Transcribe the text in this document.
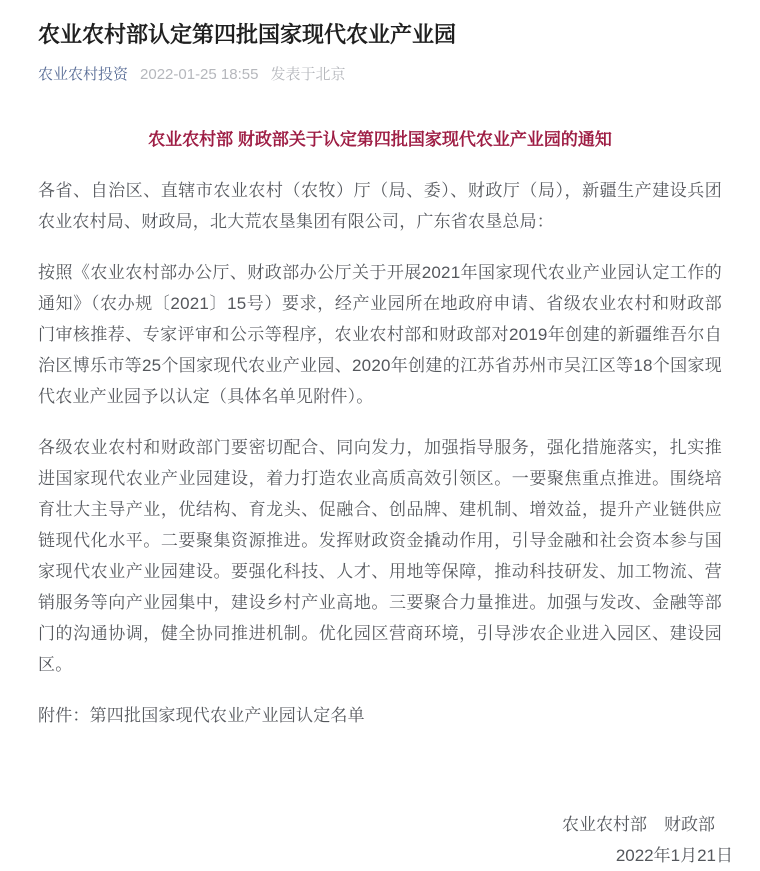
农业农村部认定第四批国家现代农业产业园
农业农村投资 2022-01-25 18:55 发表于北京
农业农村部 财政部关于认定第四批国家现代农业产业园的通知

各省、自治区、直辖市农业农村（农牧）厅（局、委）、财政厅（局），新疆生产建设兵团农业农村局、财政局，北大荒农垦集团有限公司，广东省农垦总局：

按照《农业农村部办公厅、财政部办公厅关于开展2021年国家现代农业产业园认定工作的通知》（农办规〔2021〕15号）要求，经产业园所在地政府申请、省级农业农村和财政部门审核推荐、专家评审和公示等程序，农业农村部和财政部对2019年创建的新疆维吾尔自治区博乐市等25个国家现代农业产业园、2020年创建的江苏省苏州市吴江区等18个国家现代农业产业园予以认定（具体名单见附件）。

各级农业农村和财政部门要密切配合、同向发力，加强指导服务，强化措施落实，扎实推进国家现代农业产业园建设，着力打造农业高质高效引领区。一要聚焦重点推进。围绕培育壮大主导产业，优结构、育龙头、促融合、创品牌、建机制、增效益，提升产业链供应链现代化水平。二要聚集资源推进。发挥财政资金撬动作用，引导金融和社会资本参与国家现代农业产业园建设。要强化科技、人才、用地等保障，推动科技研发、加工物流、营销服务等向产业园集中，建设乡村产业高地。三要聚合力量推进。加强与发改、金融等部门的沟通协调，健全协同推进机制。优化园区营商环境，引导涉农企业进入园区、建设园区。

附件：第四批国家现代农业产业园认定名单

农业农村部　财政部
2022年1月21日
